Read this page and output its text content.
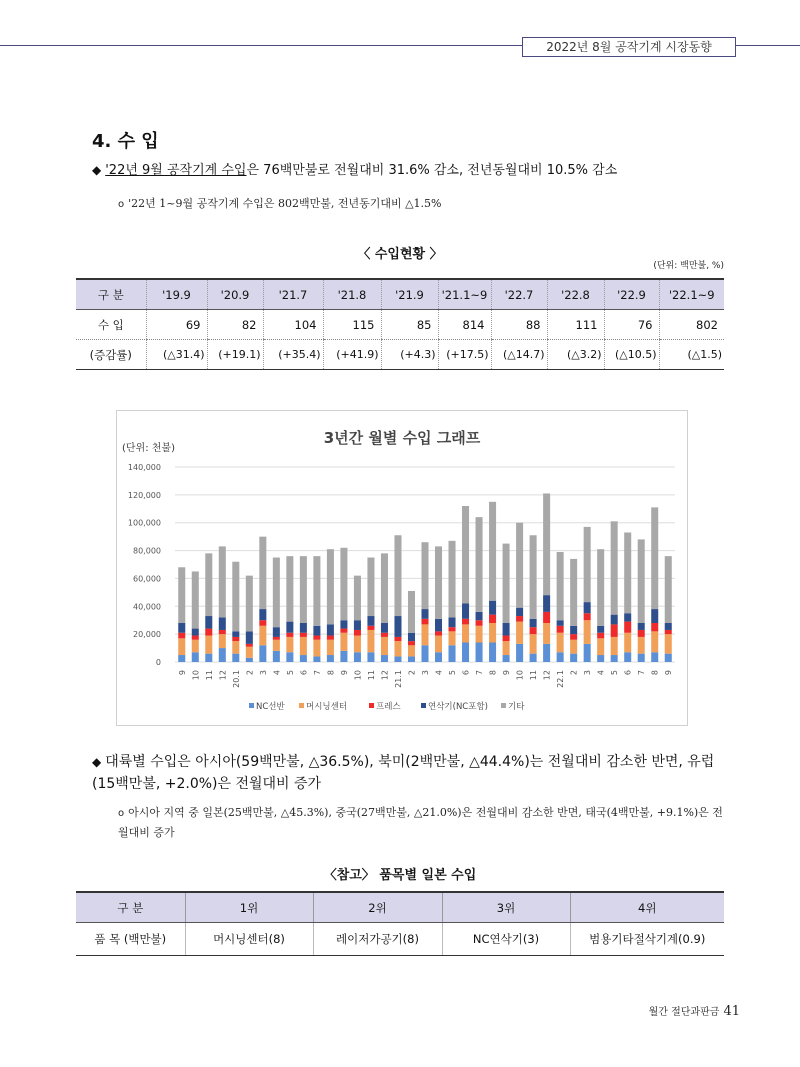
2022년 8월 공작기계 시장동향
4. 수 입
◆ '22년 9월 공작기계 수입은 76백만불로 전월대비 31.6% 감소, 전년동월대비 10.5% 감소
o '22년 1~9월 공작기계 수입은 802백만불, 전년동기대비 △1.5%
〈 수입현황 〉
(단위: 백만불, %)
구 분	'19.9	'20.9	'21.7	'21.8	'21.9	'21.1~9	'22.7	'22.8	'22.9	'22.1~9
수 입	69	82	104	115	85	814	88	111	76	802
(증감률)	(△31.4)	(+19.1)	(+35.4)	(+41.9)	(+4.3)	(+17.5)	(△14.7)	(△3.2)	(△10.5)	(△1.5)
3년간 월별 수입 그래프
(단위: 천불)
0
20,000
40,000
60,000
80,000
100,000
120,000
140,000
9 10 11 12 20.1 2 3 4 5 6 7 8 9 10 11 12 21.1 2 3 4 5 6 7 8 9 10 11 12 22.1 2 3 4 5 6 7 8 9
NC선반	머시닝센터	프레스	연삭기(NC포함) 기타
◆ 대륙별 수입은 아시아(59백만불, △36.5%), 북미(2백만불, △44.4%)는 전월대비 감소한 반면, 유럽(15백만불, +2.0%)은 전월대비 증가
o 아시아 지역 중 일본(25백만불, △45.3%), 중국(27백만불, △21.0%)은 전월대비 감소한 반면, 태국(4백만불, +9.1%)은 전월대비 증가
〈참고〉 품목별 일본 수입
구 분	1위	2위	3위	4위
품 목 (백만불)	머시닝센터(8)	레이저가공기(8)	NC연삭기(3)	범용기타절삭기계(0.9)
월간 절단과판금 41
